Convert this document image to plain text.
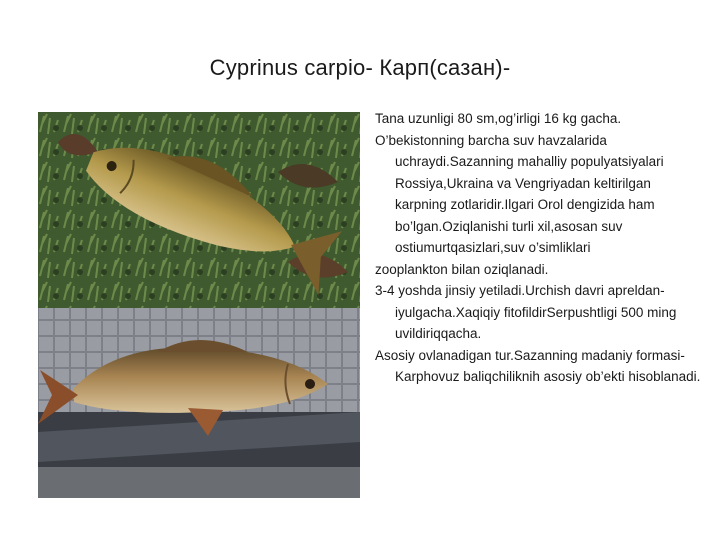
Cyprinus carpio- Карп(сазан)-

Tana uzunligi 80 sm,og’irligi 16 kg gacha.

O’bekistonning barcha suv havzalarida uchraydi.Sazanning mahalliy populyatsiyalari Rossiya,Ukraina va Vengriyadan keltirilgan karpning zotlaridir.Ilgari Orol dengizida ham bo’lgan.Oziqlanishi turli xil,asosan suv ostiumurtqasizlari,suv o’simliklari

zooplankton bilan oziqlanadi.

3-4 yoshda jinsiy yetiladi.Urchish davri apreldan-iyulgacha.Xaqiqiy fitofildirSerpushtligi 500 ming uvildiriqqacha.

Asosiy ovlanadigan tur.Sazanning madaniy formasi-Karphovuz baliqchiliknih asosiy ob’ekti hisoblanadi.
